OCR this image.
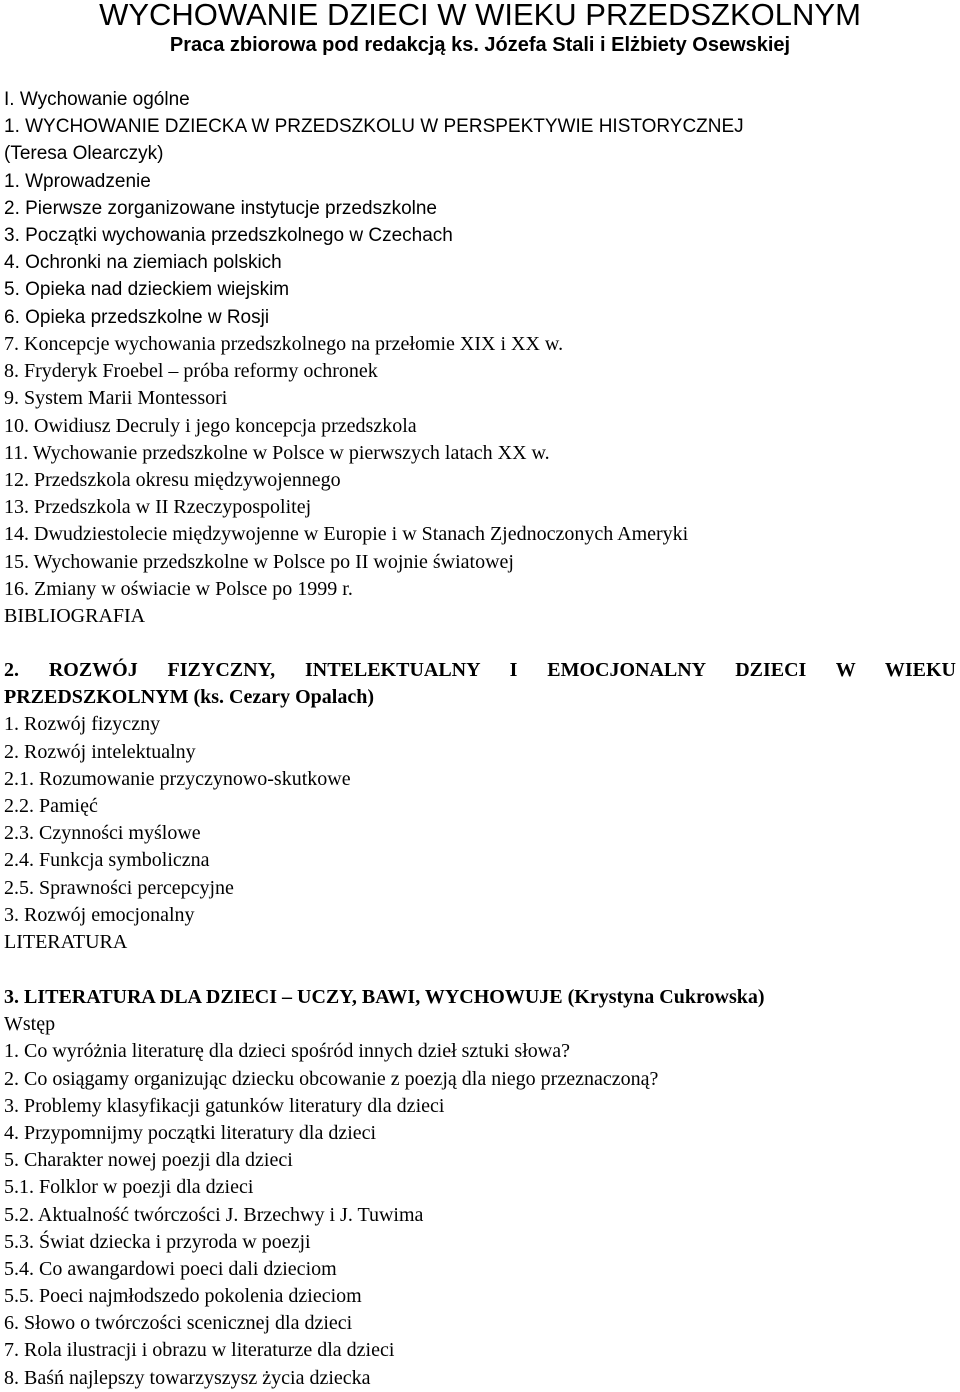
WYCHOWANIE DZIECI W WIEKU PRZEDSZKOLNYM
Praca zbiorowa pod redakcją ks. Józefa Stali i Elżbiety Osewskiej
I. Wychowanie ogólne
1. WYCHOWANIE DZIECKA W PRZEDSZKOLU W PERSPEKTYWIE HISTORYCZNEJ
(Teresa Olearczyk)
1. Wprowadzenie
2. Pierwsze zorganizowane instytucje przedszkolne
3. Początki wychowania przedszkolnego w Czechach
4. Ochronki na ziemiach polskich
5. Opieka nad dzieckiem wiejskim
6. Opieka przedszkolne w Rosji
7. Koncepcje wychowania przedszkolnego na przełomie XIX i XX w.
8. Fryderyk Froebel – próba reformy ochronek
9. System Marii Montessori
10. Owidiusz Decruly i jego koncepcja przedszkola
11. Wychowanie przedszkolne w Polsce w pierwszych latach XX w.
12. Przedszkola okresu międzywojennego
13. Przedszkola w II Rzeczypospolitej
14. Dwudziestolecie międzywojenne w Europie i w Stanach Zjednoczonych Ameryki
15. Wychowanie przedszkolne w Polsce po II wojnie światowej
16. Zmiany w oświacie w Polsce po 1999 r.
BIBLIOGRAFIA
2. ROZWÓJ FIZYCZNY, INTELEKTUALNY I EMOCJONALNY DZIECI W WIEKU
PRZEDSZKOLNYM (ks. Cezary Opalach)
1. Rozwój fizyczny
2. Rozwój intelektualny
2.1. Rozumowanie przyczynowo-skutkowe
2.2. Pamięć
2.3. Czynności myślowe
2.4. Funkcja symboliczna
2.5. Sprawności percepcyjne
3. Rozwój emocjonalny
LITERATURA
3. LITERATURA DLA DZIECI – UCZY, BAWI, WYCHOWUJE (Krystyna Cukrowska)
Wstęp
1. Co wyróżnia literaturę dla dzieci spośród innych dzieł sztuki słowa?
2. Co osiągamy organizując dziecku obcowanie z poezją dla niego przeznaczoną?
3. Problemy klasyfikacji gatunków literatury dla dzieci
4. Przypomnijmy początki literatury dla dzieci
5. Charakter nowej poezji dla dzieci
5.1. Folklor w poezji dla dzieci
5.2. Aktualność twórczości J. Brzechwy i J. Tuwima
5.3. Świat dziecka i przyroda w poezji
5.4. Co awangardowi poeci dali dzieciom
5.5. Poeci najmłodszedo pokolenia dzieciom
6. Słowo o twórczości scenicznej dla dzieci
7. Rola ilustracji i obrazu w literaturze dla dzieci
8. Baśń najlepszy towarzyszysz życia dziecka
